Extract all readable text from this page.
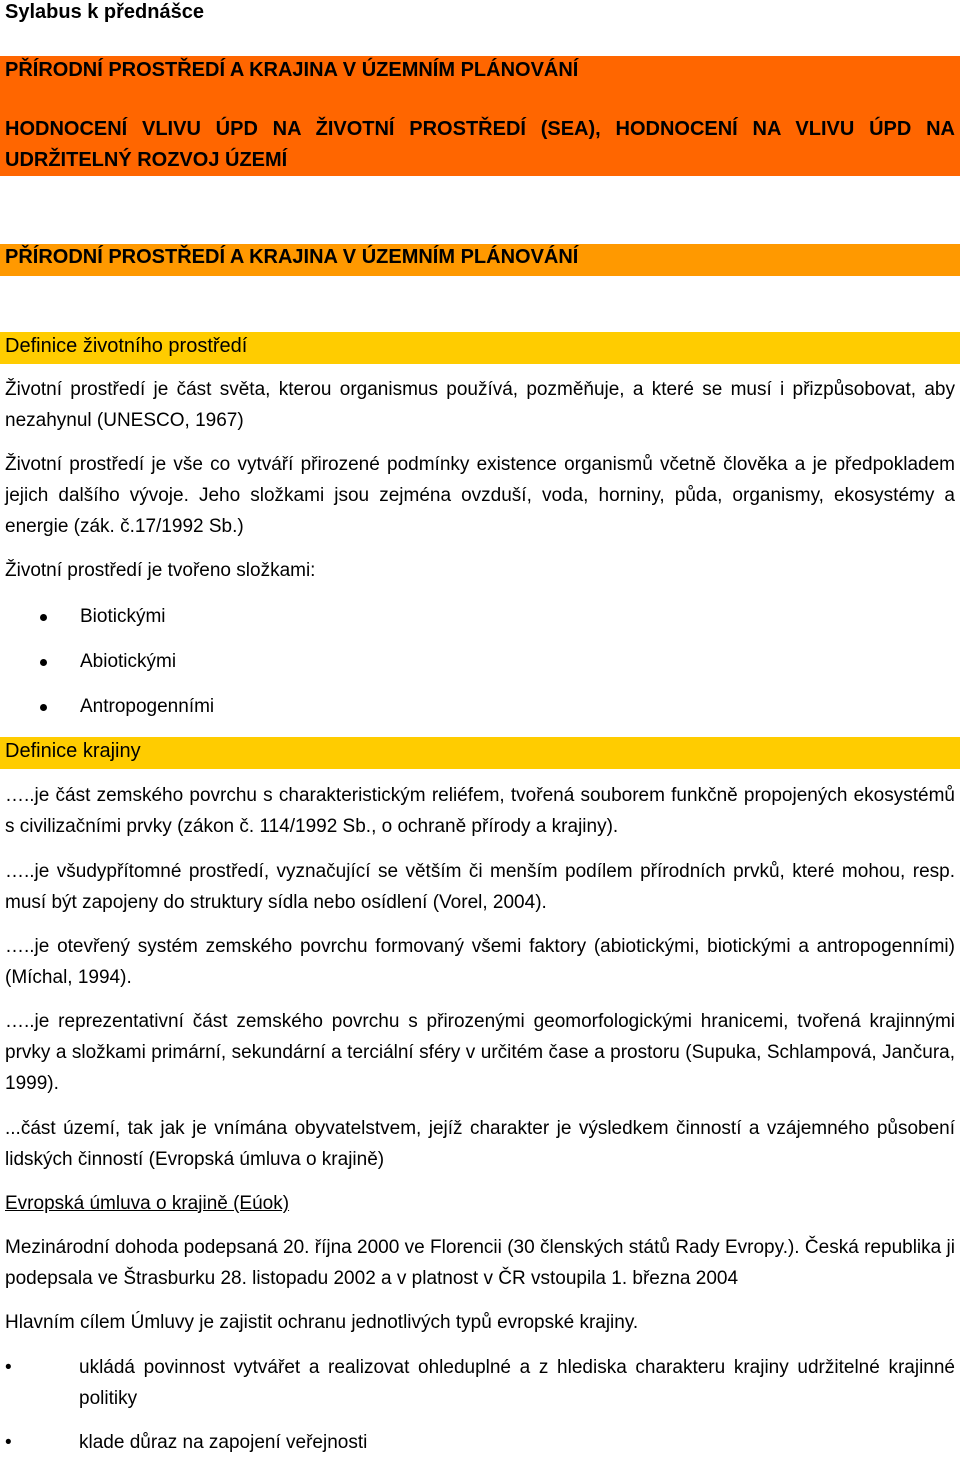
Sylabus k přednášce
PŘÍRODNÍ PROSTŘEDÍ A KRAJINA V ÚZEMNÍM PLÁNOVÁNÍ
HODNOCENÍ VLIVU ÚPD NA ŽIVOTNÍ PROSTŘEDÍ (SEA), HODNOCENÍ NA VLIVU ÚPD NA UDRŽITELNÝ ROZVOJ ÚZEMÍ
PŘÍRODNÍ PROSTŘEDÍ A KRAJINA V ÚZEMNÍM PLÁNOVÁNÍ
Definice životního prostředí
Životní prostředí je část světa, kterou organismus používá, pozměňuje, a které se musí i přizpůsobovat, aby nezahynul (UNESCO, 1967)
Životní prostředí je vše co vytváří přirozené podmínky existence organismů včetně člověka a je předpokladem jejich dalšího vývoje. Jeho složkami jsou zejména ovzduší, voda, horniny, půda, organismy, ekosystémy a energie (zák. č.17/1992 Sb.)
Životní prostředí je tvořeno složkami:
Biotickými
Abiotickými
Antropogenními
Definice krajiny
…..je část zemského povrchu s charakteristickým reliéfem, tvořená souborem funkčně propojených ekosystémů s civilizačními prvky (zákon č. 114/1992 Sb., o ochraně přírody a krajiny).
…..je všudypřítomné prostředí, vyznačující se větším či menším podílem přírodních prvků, které mohou, resp. musí být zapojeny do struktury sídla nebo osídlení (Vorel, 2004).
…..je otevřený systém zemského povrchu formovaný všemi faktory (abiotickými, biotickými a antropogenními) (Míchal, 1994).
…..je reprezentativní část zemského povrchu s přirozenými geomorfologickými hranicemi, tvořená krajinnými prvky a složkami primární, sekundární a terciální sféry v určitém čase a prostoru (Supuka, Schlampová, Jančura, 1999).
...část území, tak jak je vnímána obyvatelstvem, jejíž charakter je výsledkem činností a vzájemného působení lidských činností (Evropská úmluva o krajině)
Evropská úmluva o krajině (Eúok)
Mezinárodní dohoda podepsaná 20. října 2000 ve Florencii (30 členských států Rady Evropy.). Česká republika ji podepsala ve Štrasburku 28. listopadu 2002 a v platnost v ČR vstoupila 1. března 2004
Hlavním cílem Úmluvy je zajistit ochranu jednotlivých typů evropské krajiny.
•	ukládá povinnost vytvářet a realizovat ohleduplné a z hlediska charakteru krajiny udržitelné krajinné politiky
•	klade důraz na zapojení veřejnosti
